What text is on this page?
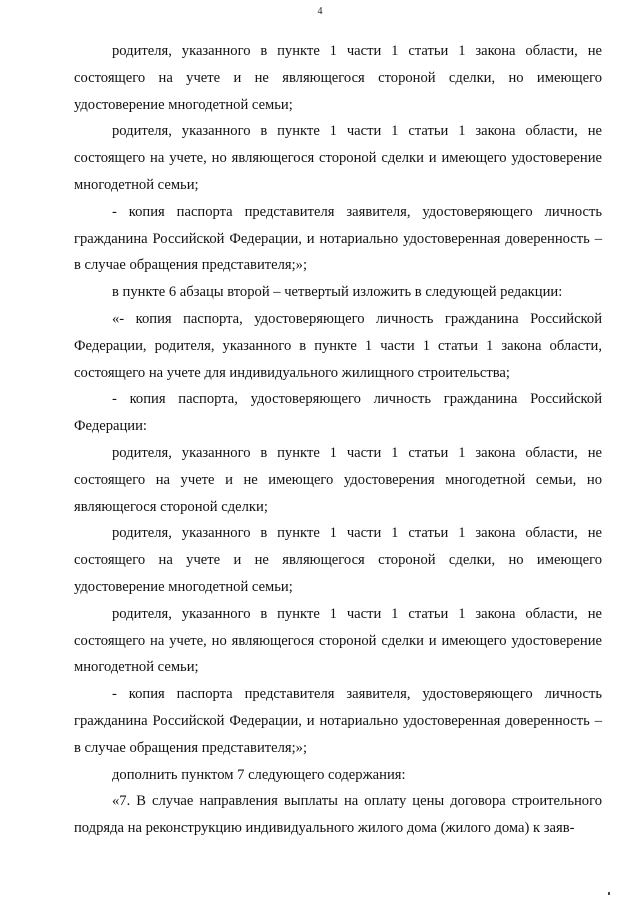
4

родителя, указанного в пункте 1 части 1 статьи 1 закона области, не состоящего на учете и не являющегося стороной сделки, но имеющего удостоверение многодетной семьи;

родителя, указанного в пункте 1 части 1 статьи 1 закона области, не состоящего на учете, но являющегося стороной сделки и имеющего удостоверение многодетной семьи;

- копия паспорта представителя заявителя, удостоверяющего личность гражданина Российской Федерации, и нотариально удостоверенная доверенность – в случае обращения представителя;»;

в пункте 6 абзацы второй – четвертый изложить в следующей редакции:

«- копия паспорта, удостоверяющего личность гражданина Российской Федерации, родителя, указанного в пункте 1 части 1 статьи 1 закона области, состоящего на учете для индивидуального жилищного строительства;

- копия паспорта, удостоверяющего личность гражданина Российской Федерации:

родителя, указанного в пункте 1 части 1 статьи 1 закона области, не состоящего на учете и не имеющего удостоверения многодетной семьи, но являющегося стороной сделки;

родителя, указанного в пункте 1 части 1 статьи 1 закона области, не состоящего на учете и не являющегося стороной сделки, но имеющего удостоверение многодетной семьи;

родителя, указанного в пункте 1 части 1 статьи 1 закона области, не состоящего на учете, но являющегося стороной сделки и имеющего удостоверение многодетной семьи;

- копия паспорта представителя заявителя, удостоверяющего личность гражданина Российской Федерации, и нотариально удостоверенная доверенность – в случае обращения представителя;»;

дополнить пунктом 7 следующего содержания:

«7. В случае направления выплаты на оплату цены договора строительного подряда на реконструкцию индивидуального жилого дома (жилого дома) к заяв-
